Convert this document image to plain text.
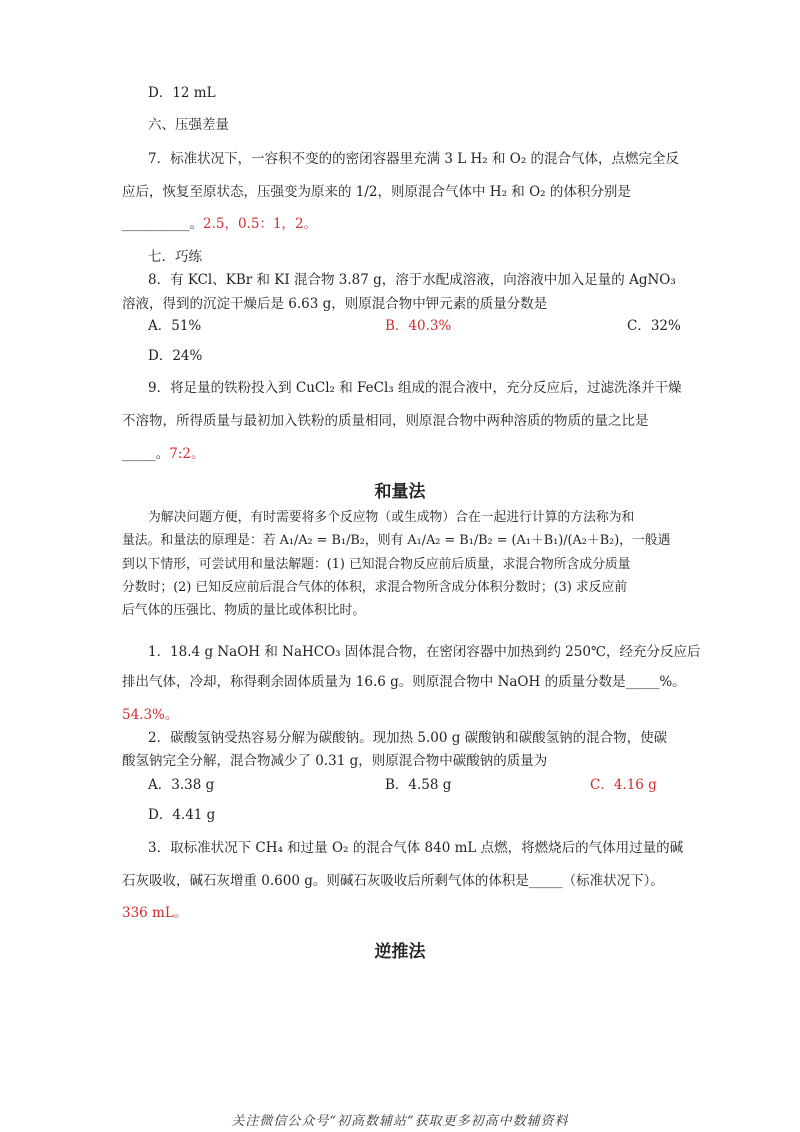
D．12 mL
六、压强差量
7．标准状况下，一容积不变的的密闭容器里充满 3 L H₂ 和 O₂ 的混合气体，点燃完全反
应后，恢复至原状态，压强变为原来的 1/2，则原混合气体中 H₂ 和 O₂ 的体积分别是
__________。2.5，0.5：1，2。
七．巧练
8．有 KCl、KBr 和 KI 混合物 3.87 g，溶于水配成溶液，向溶液中加入足量的 AgNO₃
溶液，得到的沉淀干燥后是 6.63 g，则原混合物中钾元素的质量分数是
A．51%	B．40.3%	C．32%
D．24%
9．将足量的铁粉投入到 CuCl₂ 和 FeCl₃ 组成的混合液中，充分反应后，过滤洗涤并干燥
不溶物，所得质量与最初加入铁粉的质量相同，则原混合物中两种溶质的物质的量之比是
_____。7:2。
和量法
为解决问题方便，有时需要将多个反应物（或生成物）合在一起进行计算的方法称为和
量法。和量法的原理是：若 A₁/A₂ = B₁/B₂，则有 A₁/A₂ = B₁/B₂ = (A₁＋B₁)/(A₂＋B₂)，一般遇
到以下情形，可尝试用和量法解题：(1) 已知混合物反应前后质量，求混合物所含成分质量
分数时；(2) 已知反应前后混合气体的体积，求混合物所含成分体积分数时；(3) 求反应前
后气体的压强比、物质的量比或体积比时。
1．18.4 g NaOH 和 NaHCO₃ 固体混合物，在密闭容器中加热到约 250℃，经充分反应后
排出气体，冷却，称得剩余固体质量为 16.6 g。则原混合物中 NaOH 的质量分数是_____%。
54.3%。
2．碳酸氢钠受热容易分解为碳酸钠。现加热 5.00 g 碳酸钠和碳酸氢钠的混合物，使碳
酸氢钠完全分解，混合物减少了 0.31 g，则原混合物中碳酸钠的质量为
A．3.38 g	B．4.58 g	C．4.16 g
D．4.41 g
3．取标准状况下 CH₄ 和过量 O₂ 的混合气体 840 mL 点燃，将燃烧后的气体用过量的碱
石灰吸收，碱石灰增重 0.600 g。则碱石灰吸收后所剩气体的体积是_____（标准状况下）。
336 mL。
逆推法
关注微信公众号“初高数辅站”获取更多初高中数辅资料
